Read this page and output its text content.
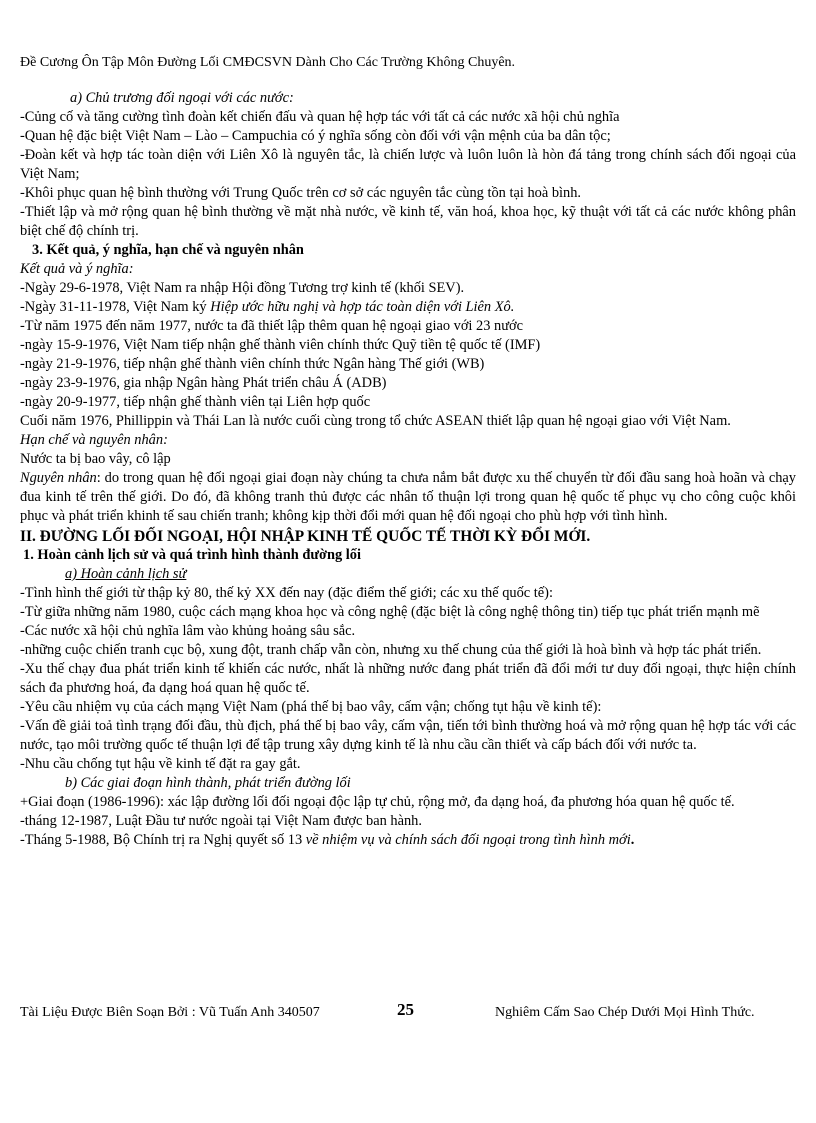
Đề Cương Ôn Tập Môn Đường Lối CMĐCSVN Dành Cho Các Trường Không Chuyên.

a) Chủ trương đối ngoại với các nước:

-Củng cố và tăng cường tình đoàn kết chiến đấu và quan hệ hợp tác với tất cả các nước xã hội chủ nghĩa

-Quan hệ đặc biệt Việt Nam – Lào – Campuchia có ý nghĩa sống còn đối với vận mệnh của ba dân tộc;

-Đoàn kết và hợp tác toàn diện với Liên Xô là nguyên tắc, là chiến lược và luôn luôn là hòn đá tảng trong chính sách đối ngoại của Việt Nam;

-Khôi phục quan hệ bình thường với Trung Quốc trên cơ sở các nguyên tắc cùng tồn tại hoà bình.

-Thiết lập và mở rộng quan hệ bình thường về mặt nhà nước, về kinh tế, văn hoá, khoa học, kỹ thuật với tất cả các nước không phân biệt chế độ chính trị.

3. Kết quả, ý nghĩa, hạn chế và nguyên nhân

Kết quả và ý nghĩa:

-Ngày 29-6-1978, Việt Nam ra nhập Hội đồng Tương trợ kinh tế (khối SEV).

-Ngày 31-11-1978, Việt Nam ký Hiệp ước hữu nghị và hợp tác toàn diện với Liên Xô.

-Từ năm 1975 đến năm 1977, nước ta đã thiết lập thêm quan hệ ngoại giao với 23 nước

-ngày 15-9-1976, Việt Nam tiếp nhận ghế thành viên chính thức Quỹ tiền tệ quốc tế (IMF)

-ngày 21-9-1976, tiếp nhận ghế thành viên chính thức Ngân hàng Thế giới (WB)

-ngày 23-9-1976, gia nhập Ngân hàng Phát triển châu Á (ADB)

-ngày 20-9-1977, tiếp nhận ghế thành viên tại Liên hợp quốc

Cuối năm 1976, Phillippin và Thái Lan là nước cuối cùng trong tổ chức ASEAN thiết lập quan hệ ngoại giao với Việt Nam.

Hạn chế và nguyên nhân:

Nước ta bị bao vây, cô lập

Nguyên nhân: do trong quan hệ đối ngoại giai đoạn này chúng ta chưa nắm bắt được xu thế chuyển từ đối đầu sang hoà hoãn và chạy đua kinh tế trên thế giới. Do đó, đã không tranh thủ được các nhân tố thuận lợi trong quan hệ quốc tế phục vụ cho công cuộc khôi phục và phát triển khinh tế sau chiến tranh; không kịp thời đổi mới quan hệ đối ngoại cho phù hợp với tình hình.

II. ĐƯỜNG LỐI ĐỐI NGOẠI, HỘI NHẬP KINH TẾ QUỐC TẾ THỜI KỲ ĐỔI MỚI.

1. Hoàn cảnh lịch sử và quá trình hình thành đường lối

a) Hoàn cảnh lịch sử

-Tình hình thế giới từ thập kỷ 80, thế kỷ XX đến nay (đặc điểm thế giới; các xu thế quốc tế):

-Từ giữa những năm 1980, cuộc cách mạng khoa học và công nghệ (đặc biệt là công nghệ thông tin) tiếp tục phát triển mạnh mẽ

-Các nước xã hội chủ nghĩa lâm vào khủng hoảng sâu sắc.

-những cuộc chiến tranh cục bộ, xung đột, tranh chấp vẫn còn, nhưng xu thế chung của thế giới là hoà bình và hợp tác phát triển.

-Xu thế chạy đua phát triển kinh tế khiến các nước, nhất là những nước đang phát triển đã đổi mới tư duy đối ngoại, thực hiện chính sách đa phương hoá, đa dạng hoá quan hệ quốc tế.

-Yêu cầu nhiệm vụ của cách mạng Việt Nam (phá thế bị bao vây, cấm vận; chống tụt hậu về kinh tế):

-Vấn đề giải toả tình trạng đối đầu, thù địch, phá thế bị bao vây, cấm vận, tiến tới bình thường hoá và mở rộng quan hệ hợp tác với các nước, tạo môi trường quốc tế thuận lợi để tập trung xây dựng kinh tế là nhu cầu cần thiết và cấp bách đối với nước ta.

-Nhu cầu chống tụt hậu về kinh tế đặt ra gay gắt.

b) Các giai đoạn hình thành, phát triển đường lối

+Giai đoạn (1986-1996): xác lập đường lối đối ngoại độc lập tự chủ, rộng mở, đa dạng hoá, đa phương hóa quan hệ quốc tế.

-tháng 12-1987, Luật Đầu tư nước ngoài tại Việt Nam được ban hành.

-Tháng 5-1988, Bộ Chính trị ra Nghị quyết số 13 về nhiệm vụ và chính sách đối ngoại trong tình hình mới.

Tài Liệu Được Biên Soạn Bởi : Vũ Tuấn Anh 340507	25	Nghiêm Cấm Sao Chép Dưới Mọi Hình Thức.
